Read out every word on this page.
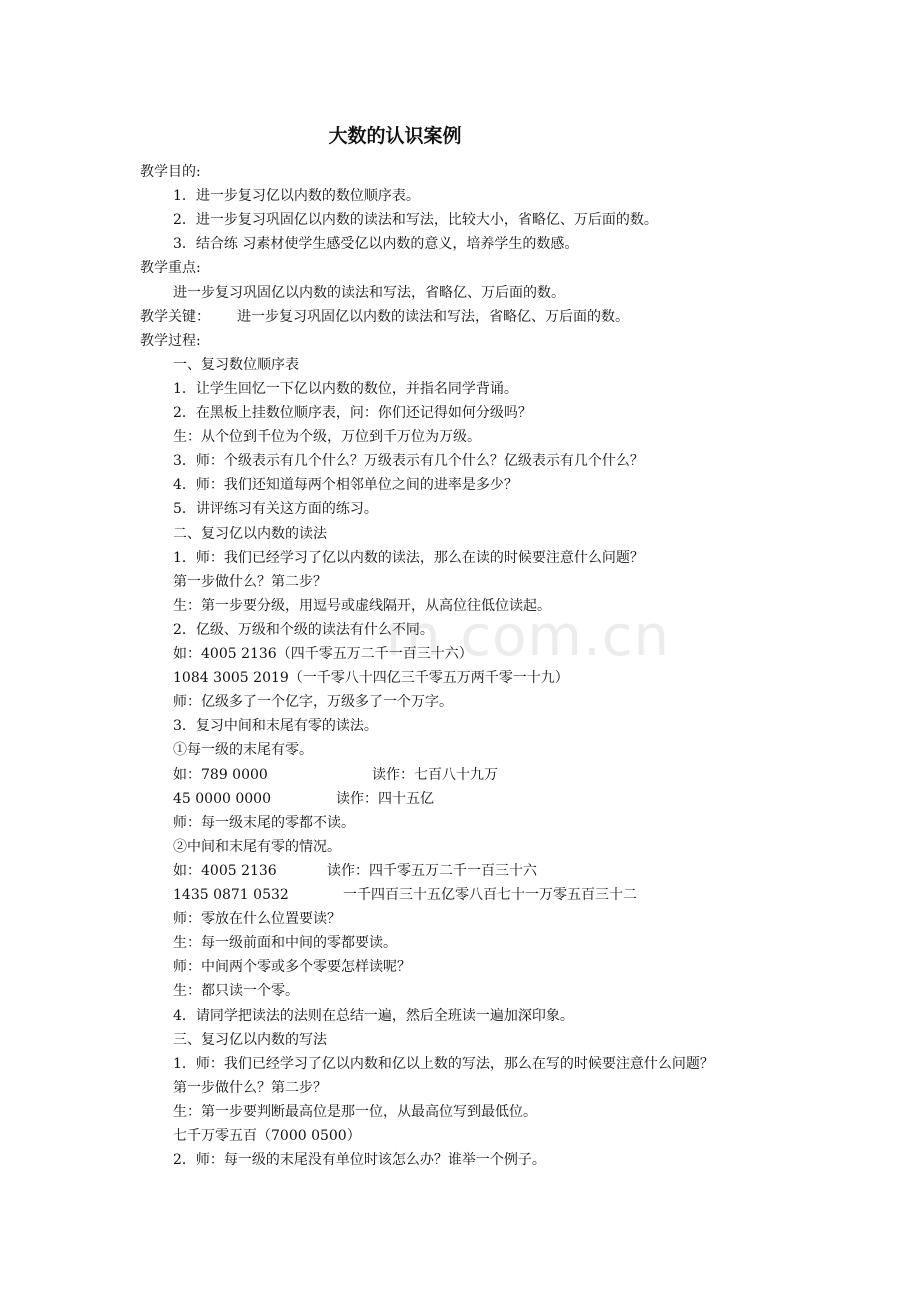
m.com.cn
大数的认识案例
教学目的:
1．进一步复习亿以内数的数位顺序表。
2．进一步复习巩固亿以内数的读法和写法，比较大小，省略亿、万后面的数。
3．结合练 习素材使学生感受亿以内数的意义，培养学生的数感。
教学重点:
进一步复习巩固亿以内数的读法和写法，省略亿、万后面的数。
教学关键： 进一步复习巩固亿以内数的读法和写法，省略亿、万后面的数。
教学过程:
一、复习数位顺序表
1．让学生回忆一下亿以内数的数位，并指名同学背诵。
2．在黑板上挂数位顺序表，问：你们还记得如何分级吗？
生：从个位到千位为个级，万位到千万位为万级。
3．师：个级表示有几个什么？万级表示有几个什么？亿级表示有几个什么？
4．师：我们还知道每两个相邻单位之间的进率是多少？
5．讲评练习有关这方面的练习。
二、复习亿以内数的读法
1．师：我们已经学习了亿以内数的读法，那么在读的时候要注意什么问题？
第一步做什么？第二步？
生：第一步要分级，用逗号或虚线隔开，从高位往低位读起。
2．亿级、万级和个级的读法有什么不同。
如：4005 2136（四千零五万二千一百三十六）
1084 3005 2019（一千零八十四亿三千零五万两千零一十九）
师：亿级多了一个亿字，万级多了一个万字。
3．复习中间和末尾有零的读法。
①每一级的末尾有零。
如：789 0000	读作：七百八十九万
45 0000 0000	读作：四十五亿
师：每一级末尾的零都不读。
②中间和末尾有零的情况。
如：4005 2136	读作：四千零五万二千一百三十六
1435 0871 0532	一千四百三十五亿零八百七十一万零五百三十二
师：零放在什么位置要读？
生：每一级前面和中间的零都要读。
师：中间两个零或多个零要怎样读呢？
生：都只读一个零。
4．请同学把读法的法则在总结一遍，然后全班读一遍加深印象。
三、复习亿以内数的写法
1．师：我们已经学习了亿以内数和亿以上数的写法，那么在写的时候要注意什么问题？
第一步做什么？第二步？
生：第一步要判断最高位是那一位，从最高位写到最低位。
七千万零五百（7000 0500）
2．师：每一级的末尾没有单位时该怎么办？谁举一个例子。
